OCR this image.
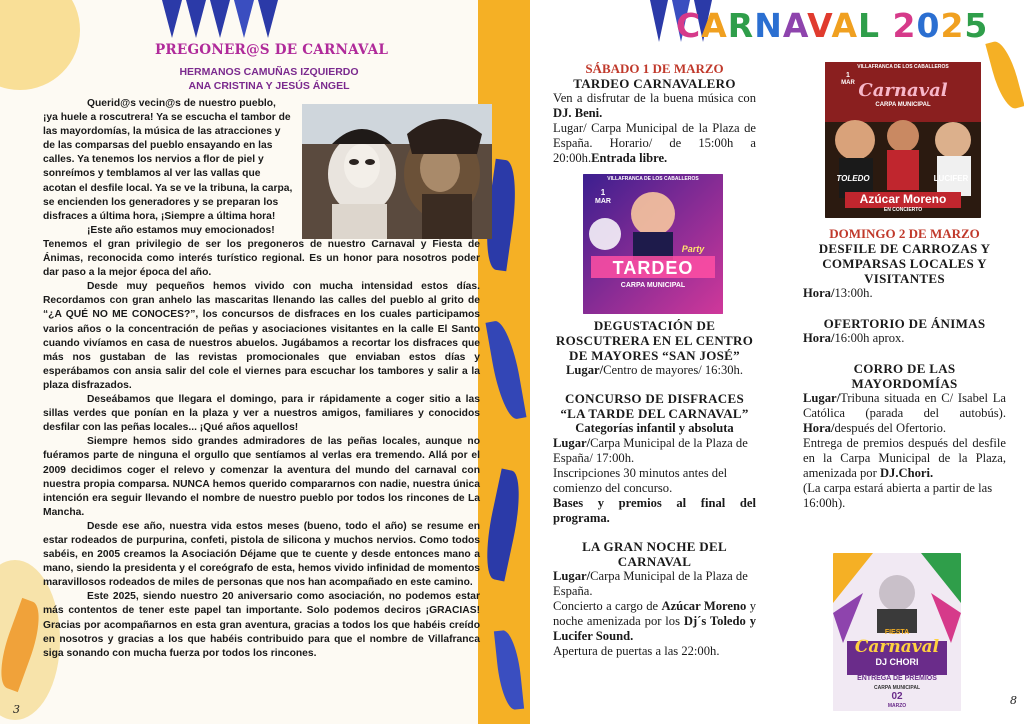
PREGONER@S DE CARNAVAL
HERMANOS CAMUÑAS IZQUIERDO
ANA CRISTINA Y JESÚS ÁNGEL

Querid@s vecin@s de nuestro pueblo,

¡ya huele a roscutrera! Ya se escucha el tambor de

las mayordomías, la música de las atracciones y

de las comparsas del pueblo ensayando en las

calles. Ya tenemos los nervios a flor de piel y

sonreímos y temblamos al ver las vallas que

acotan el desfile local. Ya se ve la tribuna, la carpa,

se encienden los generadores y se preparan los

disfraces a última hora, ¡Siempre a última hora!

¡Este año estamos muy emocionados!

Tenemos el gran privilegio de ser los pregoneros de nuestro Carnaval y Fiesta de Ánimas, reconocida como interés turístico regional. Es un honor para nosotros poder dar paso a la mejor época del año.

Desde muy pequeños hemos vivido con mucha intensidad estos días. Recordamos con gran anhelo las mascaritas llenando las calles del pueblo al grito de “¿A QUÉ NO ME CONOCES?”, los concursos de disfraces en los cuales participamos varios años o la concentración de peñas y asociaciones visitantes en la calle El Santo cuando vivíamos en casa de nuestros abuelos. Jugábamos a recortar los disfraces que más nos gustaban de las revistas promocionales que enviaban estos días y esperábamos con ansia salir del cole el viernes para escuchar los tambores y salir a la plaza disfrazados.

Deseábamos que llegara el domingo, para ir rápidamente a coger sitio a las sillas verdes que ponían en la plaza y ver a nuestros amigos, familiares y conocidos desfilar con las peñas locales... ¡Qué años aquellos!

Siempre hemos sido grandes admiradores de las peñas locales, aunque no fuéramos parte de ninguna el orgullo que sentíamos al verlas era tremendo. Allá por el 2009 decidimos coger el relevo y comenzar la aventura del mundo del carnaval con nuestra propia comparsa. NUNCA hemos querido compararnos con nadie, nuestra única intención era seguir llevando el nombre de nuestro pueblo por todos los rincones de La Mancha.

Desde ese año, nuestra vida estos meses (bueno, todo el año) se resume en estar rodeados de purpurina, confeti, pistola de silicona y muchos nervios. Como todos sabéis, en 2005 creamos la Asociación Déjame que te cuente y desde entonces mano a mano, siendo la presidenta y el coreógrafo de esta, hemos vivido infinidad de momentos maravillosos rodeados de miles de personas que nos han acompañado en este camino.

Este 2025, siendo nuestro 20 aniversario como asociación, no podemos estar más contentos de tener este papel tan importante. Solo podemos deciros ¡GRACIAS! Gracias por acompañarnos en esta gran aventura, gracias a todos los que habéis creído en nosotros y gracias a los que habéis contribuido para que el nombre de Villafranca siga sonando con mucha fuerza por todos los rincones.

3
8
CARNAVAL 2025
SÁBADO 1 DE MARZO
TARDEO CARNAVALERO
Ven a disfrutar de la buena música con DJ. Beni.
Lugar/ Carpa Municipal de la Plaza de España. Horario/ de 15:00h a 20:00h.Entrada libre.
VILLAFRANCA DE LOS CABALLEROS
1
MAR
Party
TARDEO
CARPA MUNICIPAL
DEGUSTACIÓN DE ROSCUTRERA EN EL CENTRO DE MAYORES “SAN JOSÉ”
Lugar/Centro de mayores/ 16:30h.
CONCURSO DE DISFRACES “LA TARDE DEL CARNAVAL”
Categorías infantil y absoluta
Lugar/Carpa Municipal de la Plaza de España/ 17:00h.
Inscripciones 30 minutos antes del comienzo del concurso.
Bases y premios al final del programa.
LA GRAN NOCHE DEL CARNAVAL
Lugar/Carpa Municipal de la Plaza de España.
Concierto a cargo de Azúcar Moreno y noche amenizada por los Dj´s Toledo y Lucifer Sound.
Apertura de puertas a las 22:00h.
VILLAFRANCA DE LOS CABALLEROS
1
MAR Carnaval
CARPA MUNICIPAL
TOLEDO	LUCIFER
Azúcar Moreno
EN CONCIERTO
DOMINGO 2 DE MARZO
DESFILE DE CARROZAS Y COMPARSAS LOCALES Y VISITANTES
Hora/13:00h.
OFERTORIO DE ÁNIMAS
Hora/16:00h aprox.
CORRO DE LAS MAYORDOMÍAS
Lugar/Tribuna situada en C/ Isabel La Católica (parada del autobús). Hora/después del Ofertorio.
Entrega de premios después del desfile en la Carpa Municipal de la Plaza, amenizada por DJ.Chori.
(La carpa estará abierta a partir de las 16:00h).
FIESTA
Carnaval
DJ CHORI
ENTREGA DE PREMIOS
CARPA MUNICIPAL
02
MARZO
